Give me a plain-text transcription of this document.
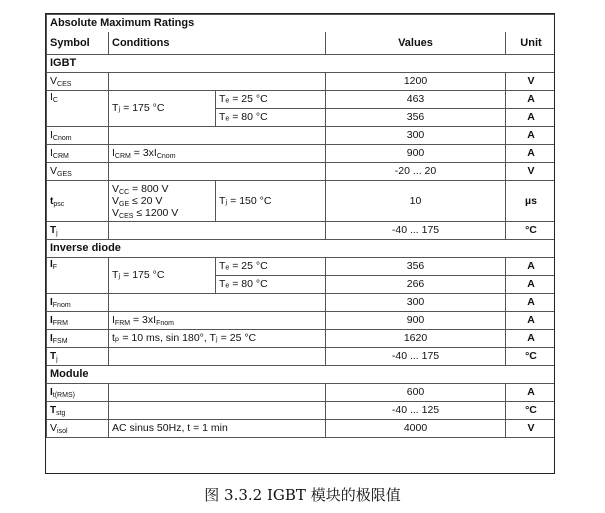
Absolute Maximum Ratings				
Symbol	Conditions		Values	Unit
IGBT				
$V_{CES}$			1200	V
$I_C$	Tⱼ = 175 °C	Tₑ = 25 °C	463	A
		Tₑ = 80 °C	356	A
$I_{Cnom}$			300	A
$I_{CRM}$	$I_{CRM} = 3xI_{Cnom}$		900	A
$V_{GES}$			-20 ... 20	V
$t_{psc}$	$V_{CC} = 800$ V
$V_{GE} \le 20$ V
$V_{CES} \le 1200$ V	Tⱼ = 150 °C	10	µs
$T_j$			-40 ... 175	°C
Inverse diode				
$I_F$	Tⱼ = 175 °C	Tₑ = 25 °C	356	A
		Tₑ = 80 °C	266	A
$I_{Fnom}$			300	A
$I_{FRM}$	$I_{FRM} = 3xI_{Fnom}$		900	A
$I_{FSM}$	tₚ = 10 ms, sin 180°, Tⱼ = 25 °C		1620	A
$T_j$			-40 ... 175	°C
Module				
$I_{t(RMS)}$			600	A
$T_{stg}$			-40 ... 125	°C
$V_{isol}$	AC sinus 50Hz, t = 1 min		4000	V
图 3.3.2 IGBT 模块的极限值
